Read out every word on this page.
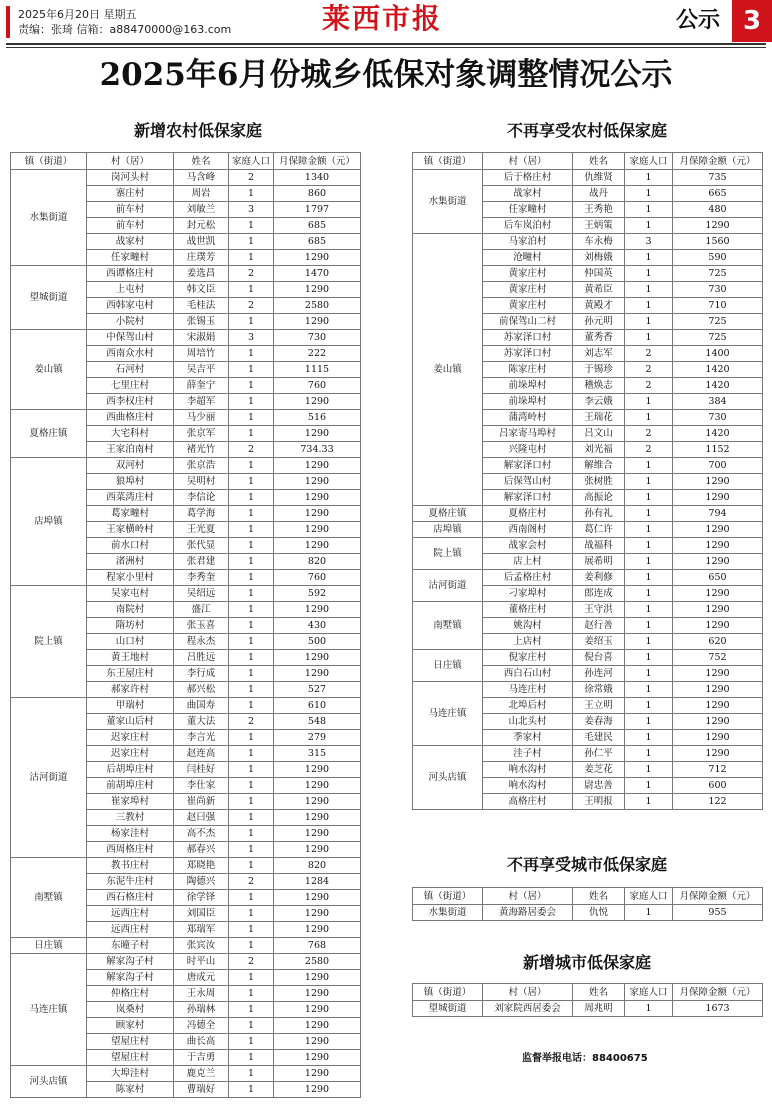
2025年6月20日 星期五
责编：张琦 信箱：a88470000@163.com	莱西市报	公示 3
2025年6月份城乡低保对象调整情况公示
新增农村低保家庭
镇（街道）	村（居）	姓名	家庭人口	月保障金额（元）
水集街道	岗河头村	马含峰	2	1340
	寨庄村	周岩	1	860
	前车村	刘敏兰	3	1797
	前车村	封元松	1	685
	战家村	战世凯	1	685
	任家疃村	庄璞芳	1	1290
望城街道	西谭格庄村	姜选昌	2	1470
	上屯村	韩文臣	1	1290
	西韩家屯村	毛桂法	2	2580
	小院村	张锡玉	1	1290
姜山镇	中保驾山村	宋淑娟	3	730
	西南众水村	周培竹	1	222
	石河村	吴吉平	1	1115
	七里庄村	薛奎宁	1	760
	西李权庄村	李超军	1	1290
夏格庄镇	西曲格庄村	马少丽	1	516
	大宅科村	张京军	1	1290
	王家泊南村	褚光竹	2	734.33
店埠镇	双河村	张京浩	1	1290
	狼埠村	吴明村	1	1290
	西菜湾庄村	李信论	1	1290
	葛家疃村	葛学海	1	1290
	王家横岭村	王光夏	1	1290
	前水口村	张代显	1	1290
	渚洲村	张君建	1	820
	程家小里村	李秀奎	1	760
院上镇	吴家屯村	吴绍远	1	592
	南院村	盛江	1	1290
	隋坊村	张玉喜	1	430
	山口村	程永杰	1	500
	黄王地村	吕胜远	1	1290
	东王屋庄村	李行成	1	1290
	郝家许村	郝兴松	1	527
沽河街道	甲瑞村	曲国寿	1	610
	董家山后村	董大法	2	548
	迟家庄村	李言光	1	279
	迟家庄村	赵连高	1	315
	后胡埠庄村	闫桂好	1	1290
	前胡埠庄村	李仕家	1	1290
	崔家埠村	崔尚新	1	1290
	三教村	赵曰强	1	1290
	杨家洼村	高不杰	1	1290
	西周格庄村	郝春兴	1	1290
南墅镇	教书庄村	郑晓艳	1	820
	东泥牛庄村	陶德兴	2	1284
	西石格庄村	徐学铎	1	1290
	远西庄村	刘国臣	1	1290
	远西庄村	郑瑞军	1	1290
日庄镇	东曈子村	张宾汝	1	768
马连庄镇	解家沟子村	时平山	2	2580
	解家沟子村	唐成元	1	1290
	仲格庄村	王永周	1	1290
	岚桑村	孙瑞林	1	1290
	顾家村	冯德全	1	1290
	望屋庄村	曲长高	1	1290
	望屋庄村	于吉勇	1	1290
河头店镇	大埠洼村	鹿克兰	1	1290
	陈家村	曹瑞好	1	1290
不再享受农村低保家庭
镇（街道）	村（居）	姓名	家庭人口	月保障金额（元）
水集街道	后于格庄村	仇维贤	1	735
	战家村	战丹	1	665
	任家疃村	王秀艳	1	480
	后车岚泊村	王炳策	1	1290
姜山镇	马家泊村	车永梅	3	1560
	沧疃村	刘梅娥	1	590
	黄家庄村	仲国英	1	725
	黄家庄村	黄希臣	1	730
	黄家庄村	黄殿才	1	710
	前保驾山二村	孙元明	1	725
	苏家泽口村	董秀香	1	725
	苏家泽口村	刘志军	2	1400
	陈家庄村	于锡珍	2	1420
	前垛埠村	稽焕志	2	1420
	前垛埠村	李云娥	1	384
	蒲湾岭村	王瑞花	1	730
	吕家寄马埠村	吕文山	2	1420
	兴隆屯村	刘光福	2	1152
	解家泽口村	解维合	1	700
	后保驾山村	张树胜	1	1290
	解家泽口村	高振论	1	1290
夏格庄镇	夏格庄村	孙有礼	1	794
店埠镇	西南阁村	葛仁许	1	1290
院上镇	战家会村	战福科	1	1290
	店上村	展希明	1	1290
沽河街道	后孟格庄村	姜利修	1	650
	刁家埠村	郎连成	1	1290
南墅镇	董格庄村	王守洪	1	1290
	姚沟村	赵行善	1	1290
	上店村	姜绍玉	1	620
日庄镇	倪家庄村	倪台喜	1	752
	西白石山村	孙连河	1	1290
马连庄镇	马连庄村	徐常娥	1	1290
	北埠后村	王立明	1	1290
	山北头村	姜春海	1	1290
	季家村	毛建民	1	1290
河头店镇	洼子村	孙仁平	1	1290
	响水沟村	姜芝花	1	712
	响水沟村	尉忠善	1	600
	高格庄村	王明报	1	122
不再享受城市低保家庭
镇（街道）	村（居）	姓名	家庭人口	月保障金额（元）
水集街道	黄海路居委会	仇悦	1	955
新增城市低保家庭
镇（街道）	村（居）	姓名	家庭人口	月保障金额（元）
望城街道	刘家院西居委会	周兆明	1	1673
监督举报电话：88400675
